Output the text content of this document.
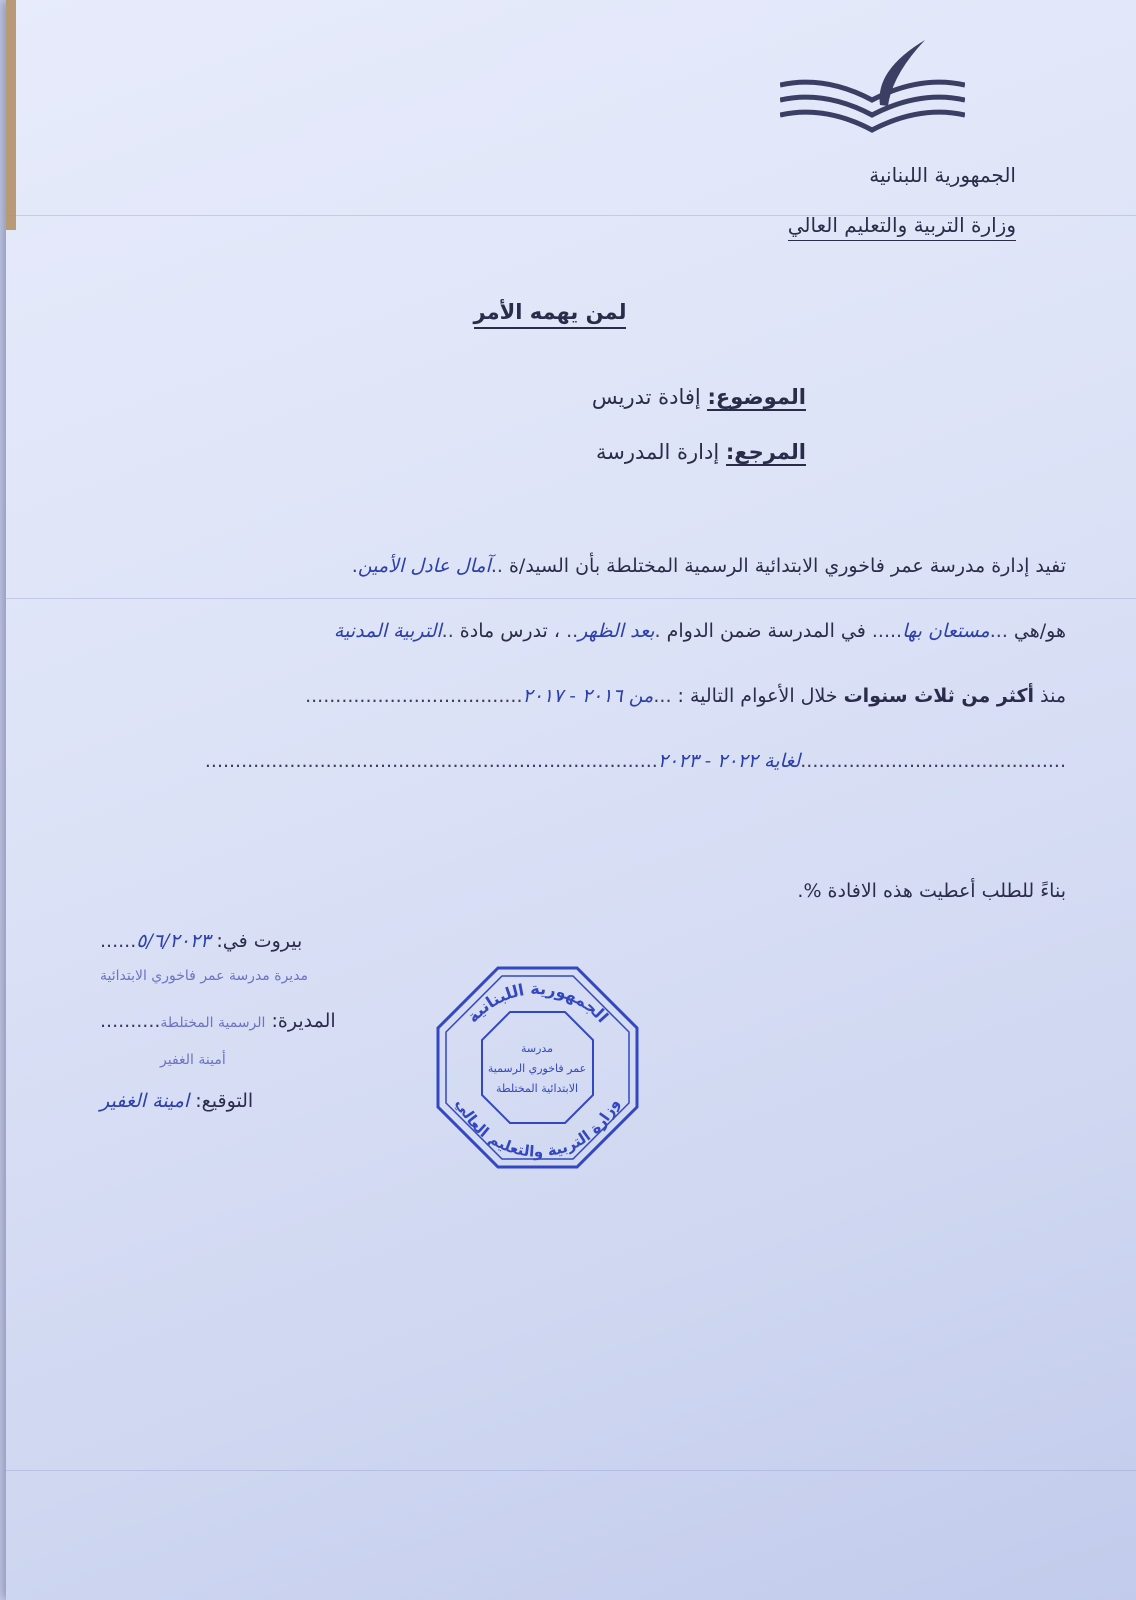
الجمهورية اللبنانية
وزارة التربية والتعليم العالي
لمن يهمه الأمر
الموضوع: إفادة تدريس
المرجع: إدارة المدرسة
تفيد إدارة مدرسة عمر فاخوري الابتدائية الرسمية المختلطة بأن السيد/ة ..آمال عادل الأمين.
هو/هي ...مستعان بها..... في المدرسة ضمن الدوام .بعد الظهر.. ، تدرس مادة ..التربية المدنية
منذ أكثر من ثلاث سنوات خلال الأعوام التالية : ...من ٢٠١٦ - ٢٠١٧....................................
............................................لغاية ٢٠٢٢ - ٢٠٢٣...........................................................................
بناءً للطلب أعطيت هذه الافادة %.
بيروت في: ٥/٦/٢٠٢٣......
مديرة مدرسة عمر فاخوري الابتدائية
المديرة: الرسمية المختلطة..........
أمينة الغفير
التوقيع: امينة الغفير
الجمهورية اللبنانية
وزارة التربية والتعليم العالي
مدرسة
عمر فاخوري الرسمية
الابتدائية المختلطة
